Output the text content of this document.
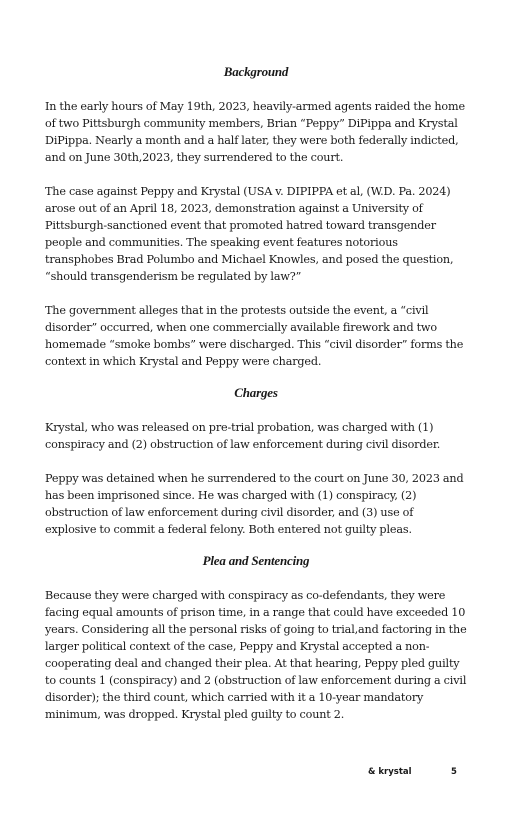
Background

In the early hours of May 19th, 2023, heavily-armed agents raided the home of two Pittsburgh community members, Brian “Peppy” DiPippa and Krystal DiPippa. Nearly a month and a half later, they were both federally indicted, and on June 30th,2023, they surrendered to the court.

The case against Peppy and Krystal (USA v. DIPIPPA et al, (W.D. Pa. 2024) arose out of an April 18, 2023, demonstration against a University of Pittsburgh-sanctioned event that promoted hatred toward transgender people and communities. The speaking event features notorious transphobes Brad Polumbo and Michael Knowles, and posed the question, “should transgenderism be regulated by law?”

The government alleges that in the protests outside the event, a “civil disorder” occurred, when one commercially available firework and two homemade “smoke bombs” were discharged. This “civil disorder” forms the context in which Krystal and Peppy were charged.

Charges

Krystal, who was released on pre-trial probation, was charged with (1) conspiracy and (2) obstruction of law enforcement during civil disorder.

Peppy was detained when he surrendered to the court on June 30, 2023 and has been imprisoned since. He was charged with (1) conspiracy, (2) obstruction of law enforcement during civil disorder, and (3) use of explosive to commit a federal felony. Both entered not guilty pleas.

Plea and Sentencing

Because they were charged with conspiracy as co-defendants, they were facing equal amounts of prison time, in a range that could have exceeded 10 years. Considering all the personal risks of going to trial,and factoring in the larger political context of the case, Peppy and Krystal accepted a non-cooperating deal and changed their plea. At that hearing, Peppy pled guilty to counts 1 (conspiracy) and 2 (obstruction of law enforcement during a civil disorder); the third count, which carried with it a 10-year mandatory minimum, was dropped. Krystal pled guilty to count 2.

& krystal	5
